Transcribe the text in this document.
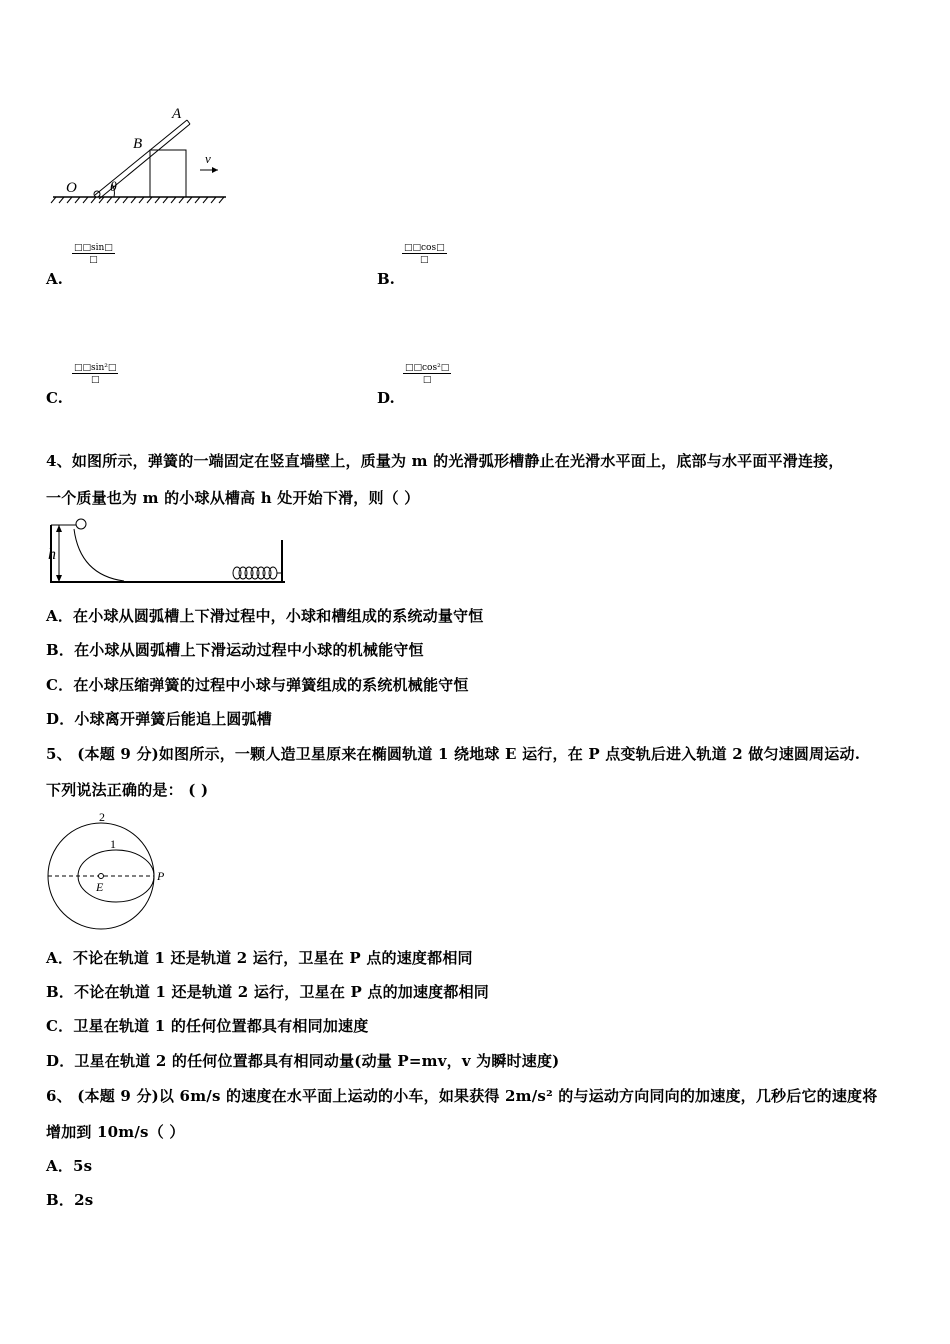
A
B
O θ
v
A.
□□sin□
□
B.
□□cos□
□
C.
□□sin²□
□
D.
□□cos²□
□
4、如图所示，弹簧的一端固定在竖直墙壁上，质量为 m 的光滑弧形槽静止在光滑水平面上，底部与水平面平滑连接，
一个质量也为 m 的小球从槽高 h 处开始下滑，则（ ）
h
A．在小球从圆弧槽上下滑过程中，小球和槽组成的系统动量守恒
B．在小球从圆弧槽上下滑运动过程中小球的机械能守恒
C．在小球压缩弹簧的过程中小球与弹簧组成的系统机械能守恒
D．小球离开弹簧后能追上圆弧槽
5、 (本题 9 分)如图所示，一颗人造卫星原来在椭圆轨道 1 绕地球 E 运行，在 P 点变轨后进入轨道 2 做匀速圆周运动.
下列说法正确的是： ( )
2
1
E
P
A．不论在轨道 1 还是轨道 2 运行，卫星在 P 点的速度都相同
B．不论在轨道 1 还是轨道 2 运行，卫星在 P 点的加速度都相同
C．卫星在轨道 1 的任何位置都具有相同加速度
D．卫星在轨道 2 的任何位置都具有相同动量(动量 P=mv，v 为瞬时速度)
6、 (本题 9 分)以 6m/s 的速度在水平面上运动的小车，如果获得 2m/s² 的与运动方向同向的加速度，几秒后它的速度将
增加到 10m/s（ ）
A．5s
B．2s
